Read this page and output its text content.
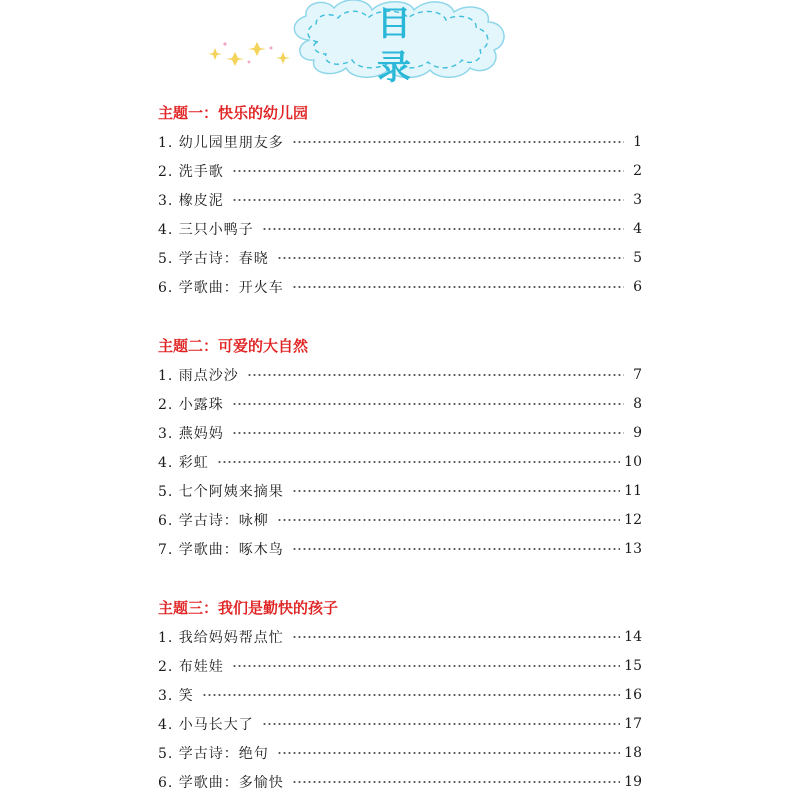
目 录
主题一：快乐的幼儿园
1. 幼儿园里朋友多	1
2. 洗手歌	2
3. 橡皮泥	3
4. 三只小鸭子	4
5. 学古诗：春晓	5
6. 学歌曲：开火车	6
主题二：可爱的大自然
1. 雨点沙沙	7
2. 小露珠	8
3. 燕妈妈	9
4. 彩虹	10
5. 七个阿姨来摘果	11
6. 学古诗：咏柳	12
7. 学歌曲：啄木鸟	13
主题三：我们是勤快的孩子
1. 我给妈妈帮点忙	14
2. 布娃娃	15
3. 笑	16
4. 小马长大了	17
5. 学古诗：绝句	18
6. 学歌曲：多愉快	19
